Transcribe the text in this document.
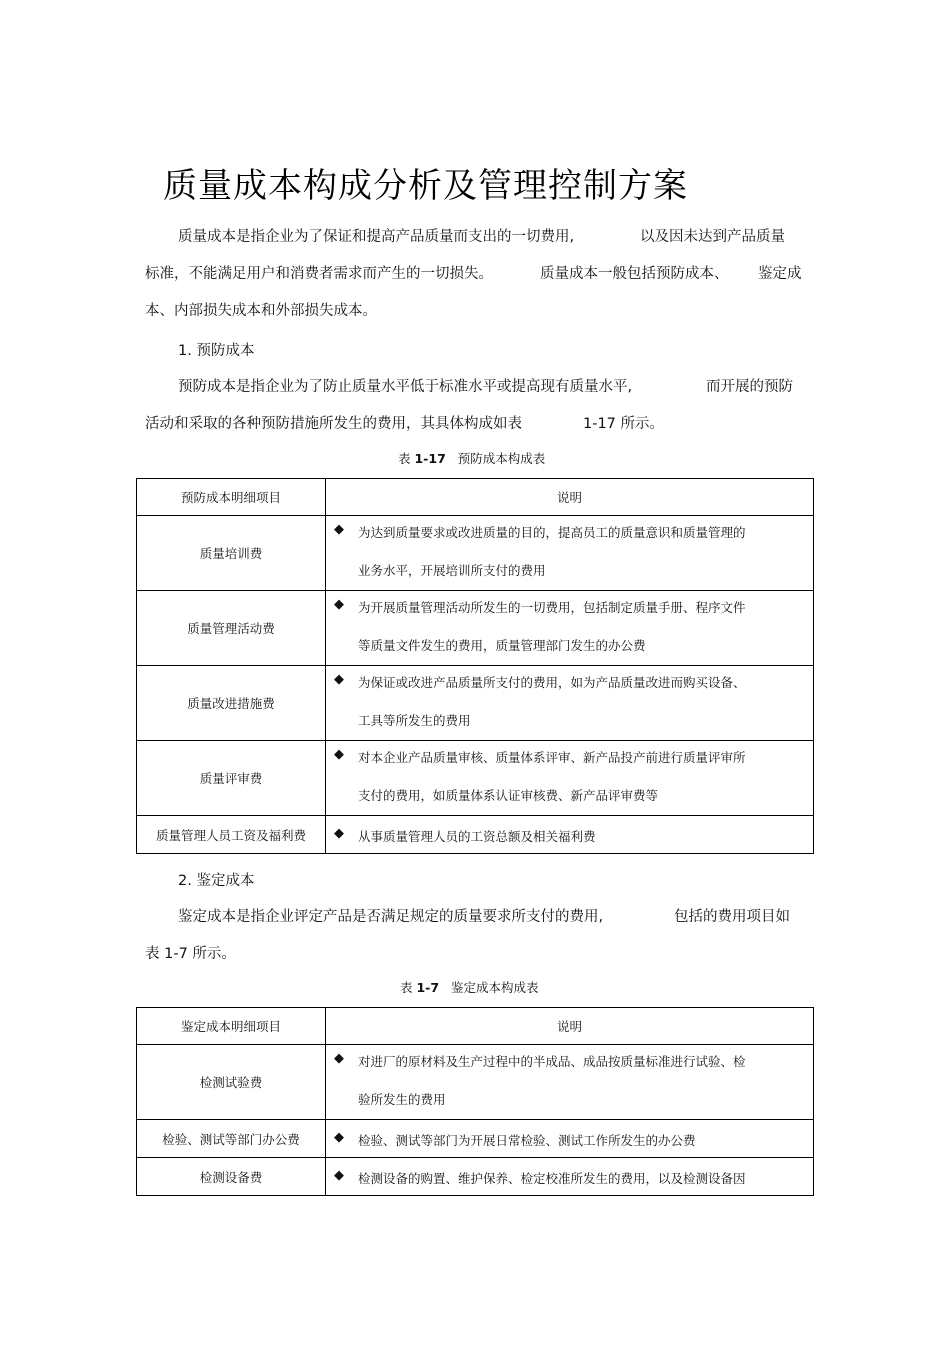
质量成本构成分析及管理控制方案
质量成本是指企业为了保证和提高产品质量而支出的一切费用,	以及因未达到产品质量
标准，不能满足用户和消费者需求而产生的一切损失。	质量成本一般包括预防成本、 鉴定成
本、内部损失成本和外部损失成本。
1. 预防成本
预防成本是指企业为了防止质量水平低于标准水平或提高现有质量水平,	而开展的预防
活动和采取的各种预防措施所发生的费用，其具体构成如表	1-17 所示。
表 1-17 预防成本构成表
预防成本明细项目	说明
质量培训费	◆ 为达到质量要求或改进质量的目的，提高员工的质量意识和质量管理的
业务水平，开展培训所支付的费用

质量管理活动费	◆ 为开展质量管理活动所发生的一切费用，包括制定质量手册、程序文件
等质量文件发生的费用，质量管理部门发生的办公费

质量改进措施费	◆ 为保证或改进产品质量所支付的费用，如为产品质量改进而购买设备、
工具等所发生的费用

质量评审费	◆ 对本企业产品质量审核、质量体系评审、新产品投产前进行质量评审所
支付的费用，如质量体系认证审核费、新产品评审费等

质量管理人员工资及福利费	◆ 从事质量管理人员的工资总额及相关福利费
2. 鉴定成本
鉴定成本是指企业评定产品是否满足规定的质量要求所支付的费用,	包括的费用项目如
表 1-7 所示。
表 1-7 鉴定成本构成表
鉴定成本明细项目	说明
检测试验费	◆ 对进厂的原材料及生产过程中的半成品、成品按质量标准进行试验、检
验所发生的费用

检验、测试等部门办公费	◆ 检验、测试等部门为开展日常检验、测试工作所发生的办公费

检测设备费	◆ 检测设备的购置、维护保养、检定校准所发生的费用，以及检测设备因
